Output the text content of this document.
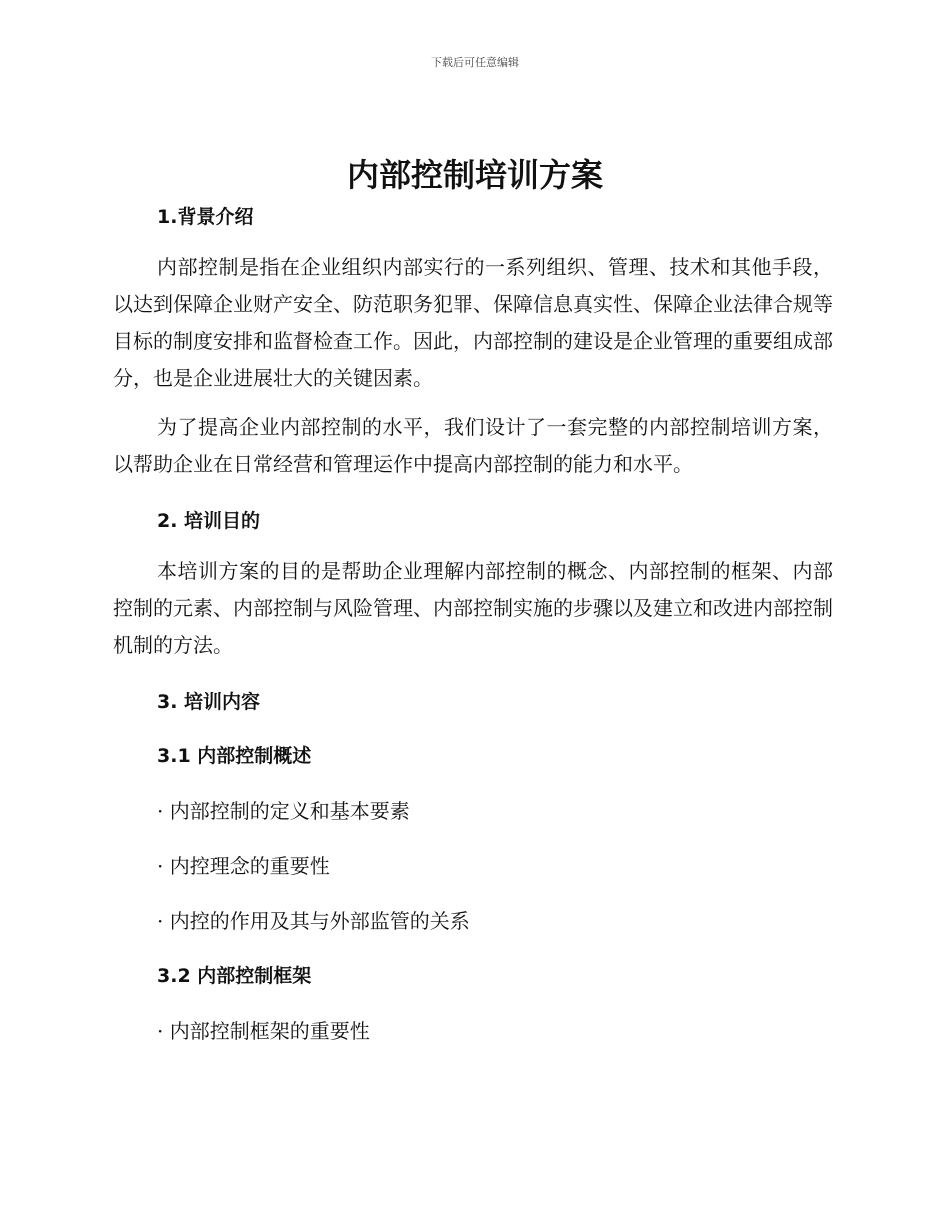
下载后可任意编辑
内部控制培训方案
1.背景介绍

内部控制是指在企业组织内部实行的一系列组织、管理、技术和其他手段，以达到保障企业财产安全、防范职务犯罪、保障信息真实性、保障企业法律合规等目标的制度安排和监督检查工作。因此，内部控制的建设是企业管理的重要组成部分，也是企业进展壮大的关键因素。

为了提高企业内部控制的水平，我们设计了一套完整的内部控制培训方案，以帮助企业在日常经营和管理运作中提高内部控制的能力和水平。

2. 培训目的

本培训方案的目的是帮助企业理解内部控制的概念、内部控制的框架、内部控制的元素、内部控制与风险管理、内部控制实施的步骤以及建立和改进内部控制机制的方法。

3. 培训内容
3.1 内部控制概述
· 内部控制的定义和基本要素
· 内控理念的重要性
· 内控的作用及其与外部监管的关系
3.2 内部控制框架
· 内部控制框架的重要性
